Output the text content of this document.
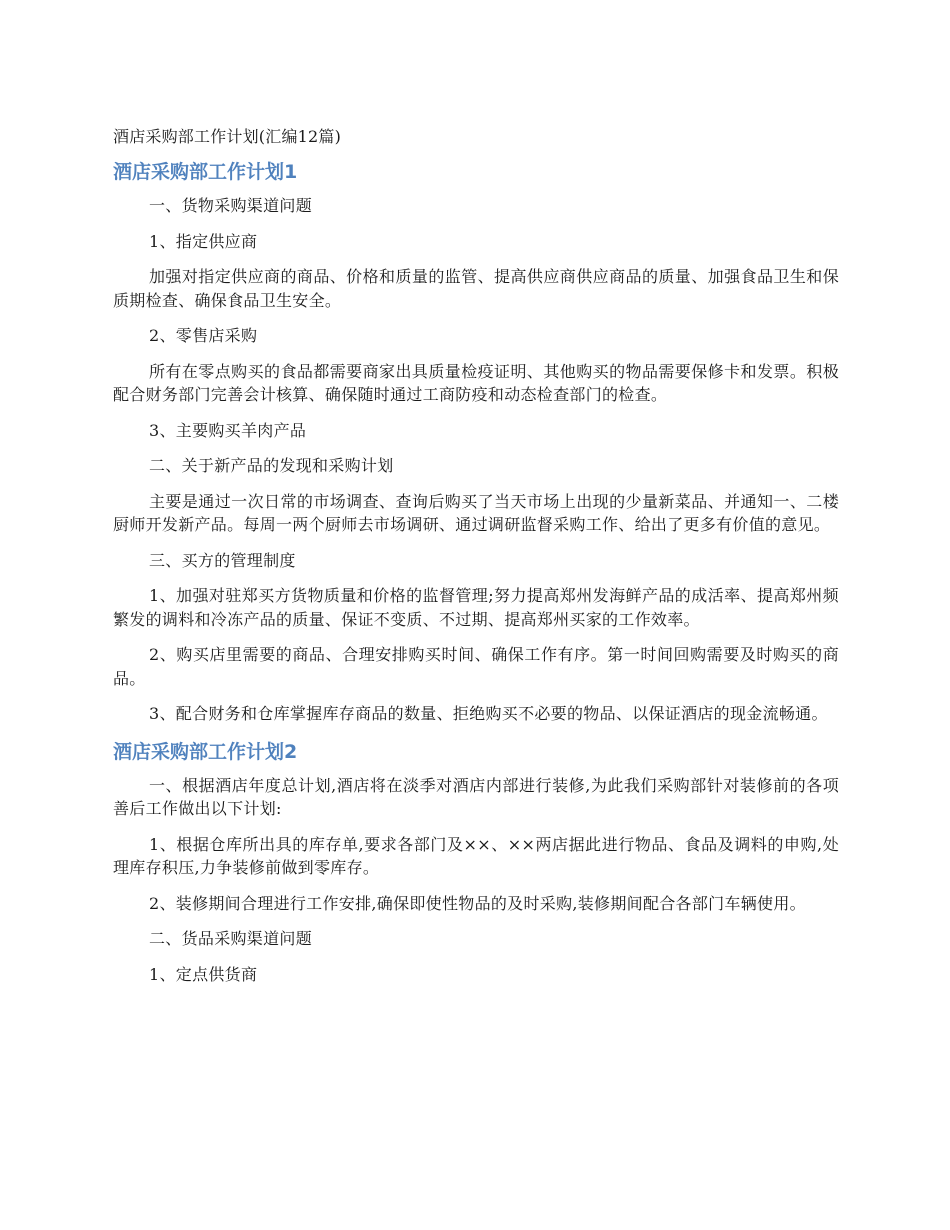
酒店采购部工作计划(汇编12篇)
酒店采购部工作计划1

一、货物采购渠道问题

1、指定供应商

加强对指定供应商的商品、价格和质量的监管、提高供应商供应商品的质量、加强食品卫生和保质期检查、确保食品卫生安全。

2、零售店采购

所有在零点购买的食品都需要商家出具质量检疫证明、其他购买的物品需要保修卡和发票。积极配合财务部门完善会计核算、确保随时通过工商防疫和动态检查部门的检查。

3、主要购买羊肉产品

二、关于新产品的发现和采购计划

主要是通过一次日常的市场调查、查询后购买了当天市场上出现的少量新菜品、并通知一、二楼厨师开发新产品。每周一两个厨师去市场调研、通过调研监督采购工作、给出了更多有价值的意见。

三、买方的管理制度

1、加强对驻郑买方货物质量和价格的监督管理;努力提高郑州发海鲜产品的成活率、提高郑州频繁发的调料和冷冻产品的质量、保证不变质、不过期、提高郑州买家的工作效率。

2、购买店里需要的商品、合理安排购买时间、确保工作有序。第一时间回购需要及时购买的商品。

3、配合财务和仓库掌握库存商品的数量、拒绝购买不必要的物品、以保证酒店的现金流畅通。

酒店采购部工作计划2

一、根据酒店年度总计划,酒店将在淡季对酒店内部进行装修,为此我们采购部针对装修前的各项善后工作做出以下计划:

1、根据仓库所出具的库存单,要求各部门及××、××两店据此进行物品、食品及调料的申购,处理库存积压,力争装修前做到零库存。

2、装修期间合理进行工作安排,确保即使性物品的及时采购,装修期间配合各部门车辆使用。

二、货品采购渠道问题

1、定点供货商
